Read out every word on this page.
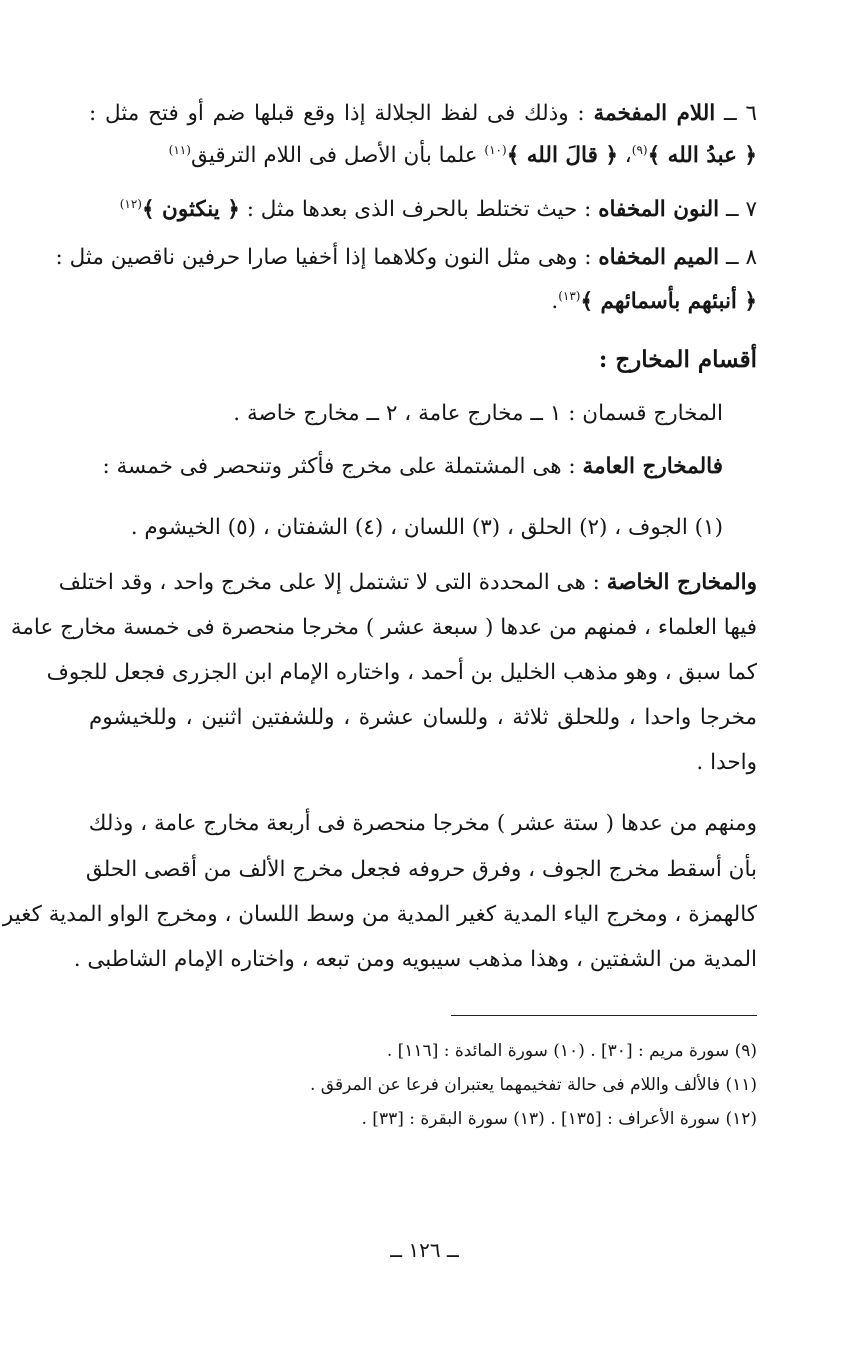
٦ ــ اللام المفخمة : وذلك فى لفظ الجلالة إذا وقع قبلها ضم أو فتح مثل :
﴿ عبدُ الله ﴾$^{(٩)}$، ﴿ قالَ الله ﴾$^{(١٠)}$ علما بأن الأصل فى اللام الترقيق$^{(١١)}$
٧ ــ النون المخفاه : حيث تختلط بالحرف الذى بعدها مثل : ﴿ ينكثون ﴾$^{(١٢)}$
٨ ــ الميم المخفاه : وهى مثل النون وكلاهما إذا أخفيا صارا حرفين ناقصين مثل :
﴿ أنبئهم بأسمائهم ﴾$^{(١٣)}$.
أقسام المخارج :
المخارج قسمان : ١ ــ مخارج عامة ، ٢ ــ مخارج خاصة .
فالمخارج العامة : هى المشتملة على مخرج فأكثر وتنحصر فى خمسة :
(١) الجوف ، (٢) الحلق ، (٣) اللسان ، (٤) الشفتان ، (٥) الخيشوم .
والمخارج الخاصة : هى المحددة التى لا تشتمل إلا على مخرج واحد ، وقد اختلف
فيها العلماء ، فمنهم من عدها ( سبعة عشر ) مخرجا منحصرة فى خمسة مخارج عامة
كما سبق ، وهو مذهب الخليل بن أحمد ، واختاره الإمام ابن الجزرى فجعل للجوف
مخرجا واحدا ، وللحلق ثلاثة ، وللسان عشرة ، وللشفتين اثنين ، وللخيشوم
واحدا .
ومنهم من عدها ( ستة عشر ) مخرجا منحصرة فى أربعة مخارج عامة ، وذلك
بأن أسقط مخرج الجوف ، وفرق حروفه فجعل مخرج الألف من أقصى الحلق
كالهمزة ، ومخرج الياء المدية كغير المدية من وسط اللسان ، ومخرج الواو المدية كغير
المدية من الشفتين ، وهذا مذهب سيبويه ومن تبعه ، واختاره الإمام الشاطبى .
(٩) سورة مريم : [٣٠] . (١٠) سورة المائدة : [١١٦] .
(١١) فالألف واللام فى حالة تفخيمهما يعتبران فرعا عن المرقق .
(١٢) سورة الأعراف : [١٣٥] . (١٣) سورة البقرة : [٣٣] .
ــ ١٢٦ ــ
